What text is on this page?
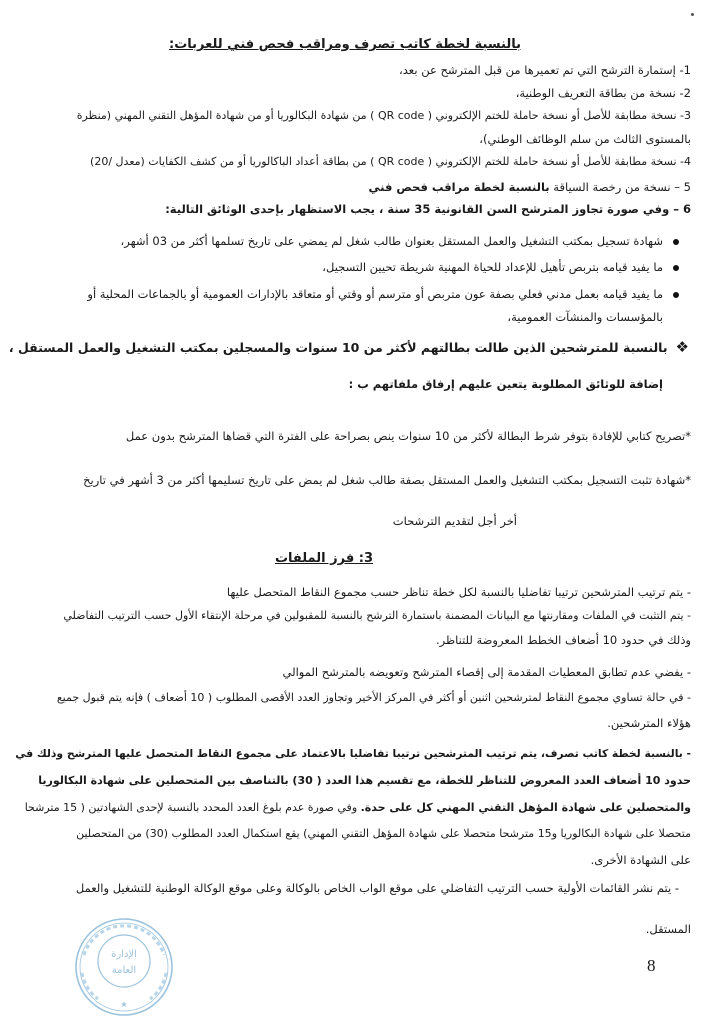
بالنسبة لخطة كاتب تصرف ومراقب فحص فني للعربات:
1- إستمارة الترشح التي تم تعميرها من قبل المترشح عن بعد،
2- نسخة من بطاقة التعريف الوطنية،
3- نسخة مطابقة للأصل أو نسخة حاملة للختم الإلكتروني ( QR code ) من شهادة البكالوريا أو من شهادة المؤهل التقني المهني (منظرة
بالمستوى الثالث من سلم الوظائف الوطني)،
4- نسخة مطابقة للأصل أو نسخة حاملة للختم الإلكتروني ( QR code ) من بطاقة أعداد الباكالوريا أو من كشف الكفايات (معدل /20)
5 – نسخة من رخصة السياقة بالنسبة لخطة مراقب فحص فني
6 – وفي صورة تجاوز المترشح السن القانونية 35 سنة ، يجب الاستظهار بإحدى الوثائق التالية:
شهادة تسجيل بمكتب التشغيل والعمل المستقل بعنوان طالب شغل لم يمضي على تاريخ تسلمها أكثر من 03 أشهر،
ما يفيد قيامه بتربص تأهيل للإعداد للحياة المهنية شريطة تحيين التسجيل،
ما يفيد قيامه بعمل مدني فعلي بصفة عون متربص أو مترسم أو وقتي أو متعاقد بالإدارات العمومية أو بالجماعات المحلية أو
بالمؤسسات والمنشآت العمومية،
❖بالنسبة للمترشحين الذين طالت بطالتهم لأكثر من 10 سنوات والمسجلين بمكتب التشغيل والعمل المستقل ،
إضافة للوثائق المطلوبة يتعين عليهم إرفاق ملفاتهم ب :
*تصريح كتابي للإفادة بتوفر شرط البطالة لأكثر من 10 سنوات ينص بصراحة على الفترة التي قضاها المترشح بدون عمل
*شهادة تثبت التسجيل بمكتب التشغيل والعمل المستقل بصفة طالب شغل لم يمض على تاريخ تسليمها أكثر من 3 أشهر في تاريخ
أخر أجل لتقديم الترشحات
3: فرز الملفات
- يتم ترتيب المترشحين ترتيبا تفاضليا بالنسبة لكل خطة تناظر حسب مجموع النقاط المتحصل عليها
- يتم التثبت في الملفات ومقارنتها مع البيانات المضمنة باستمارة الترشح بالنسبة للمقبولين في مرحلة الإنتقاء الأول حسب الترتيب التفاضلي
وذلك في حدود 10 أضعاف الخطط المعروضة للتناظر.
- يفضي عدم تطابق المعطيات المقدمة إلى إقصاء المترشح وتعويضه بالمترشح الموالي
- في حالة تساوي مجموع النقاط لمترشحين اثنين أو أكثر في المركز الأخير وتجاوز العدد الأقصى المطلوب ( 10 أضعاف ) فإنه يتم قبول جميع
هؤلاء المترشحين.
- بالنسبة لخطة كاتب تصرف، يتم ترتيب المترشحين ترتيبا تفاضليا بالاعتماد على مجموع النقاط المتحصل عليها المترشح وذلك في
حدود 10 أضعاف العدد المعروض للتناظر للخطة، مع تقسيم هذا العدد ( 30) بالتناصف بين المتحصلين على شهادة البكالوريا
والمتحصلين على شهادة المؤهل التقني المهني كل على حدة. وفي صورة عدم بلوغ العدد المحدد بالنسبة لإحدى الشهادتين ( 15 مترشحا
متحصلا على شهادة البكالوريا و15 مترشحا متحصلا على شهادة المؤهل التقني المهني) يقع استكمال العدد المطلوب (30) من المتحصلين
على الشهادة الأخرى.
- يتم نشر القائمات الأولية حسب الترتيب التفاضلي على موقع الواب الخاص بالوكالة وعلى موقع الوكالة الوطنية للتشغيل والعمل
المستقل.
8
الإدارة
العامة
★
